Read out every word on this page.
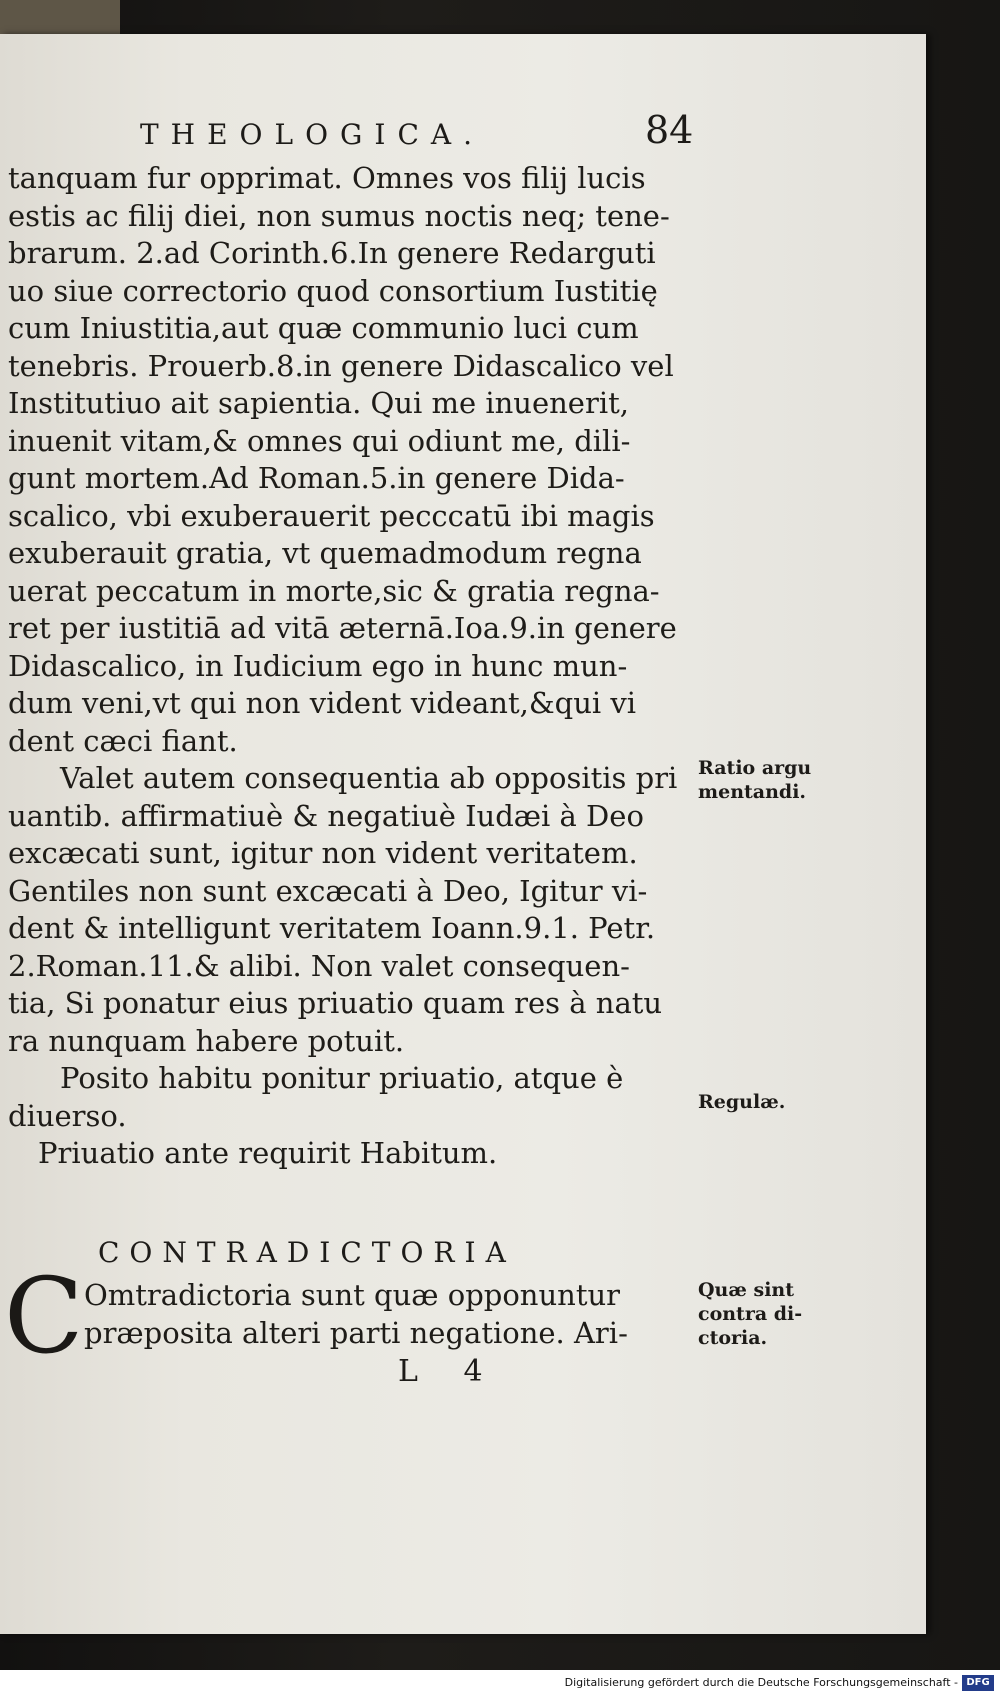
THEOLOGICA.	84
tanquam fur opprimat. Omnes vos filij lucis
estis ac filij diei, non sumus noctis neq; tene-
brarum. 2.ad Corinth.6.In genere Redarguti
uo siue correctorio quod consortium Iustitię
cum Iniustitia,aut quæ communio luci cum
tenebris. Prouerb.8.in genere Didascalico vel
Institutiuo ait sapientia. Qui me inuenerit,
inuenit vitam,& omnes qui odiunt me, dili-
gunt mortem.Ad Roman.5.in genere Dida-
scalico, vbi exuberauerit pecccatū ibi magis
exuberauit gratia, vt quemadmodum regna
uerat peccatum in morte,sic & gratia regna-
ret per iustitiā ad vitā æternā.Ioa.9.in genere
Didascalico, in Iudicium ego in hunc mun-
dum veni,vt qui non vident videant,&qui vi
dent cæci fiant.
Valet autem consequentia ab oppositis pri
uantib. affirmatiuè & negatiuè Iudæi à Deo
excæcati sunt, igitur non vident veritatem.
Gentiles non sunt excæcati à Deo, Igitur vi-
dent & intelligunt veritatem Ioann.9.1. Petr.
2.Roman.11.& alibi. Non valet consequen-
tia, Si ponatur eius priuatio quam res à natu
ra nunquam habere potuit.
Posito habitu ponitur priuatio, atque è
diuerso.
Priuatio ante requirit Habitum.
CONTRADICTORIA
C Omtradictoria sunt quæ opponuntur
præposita alteri parti negatione. Ari-
L 4
Ratio argu mentandi.
Regulæ.
Quæ sint contra di- ctoria.
Digitalisierung gefördert durch die Deutsche Forschungsgemeinschaft - DFG
